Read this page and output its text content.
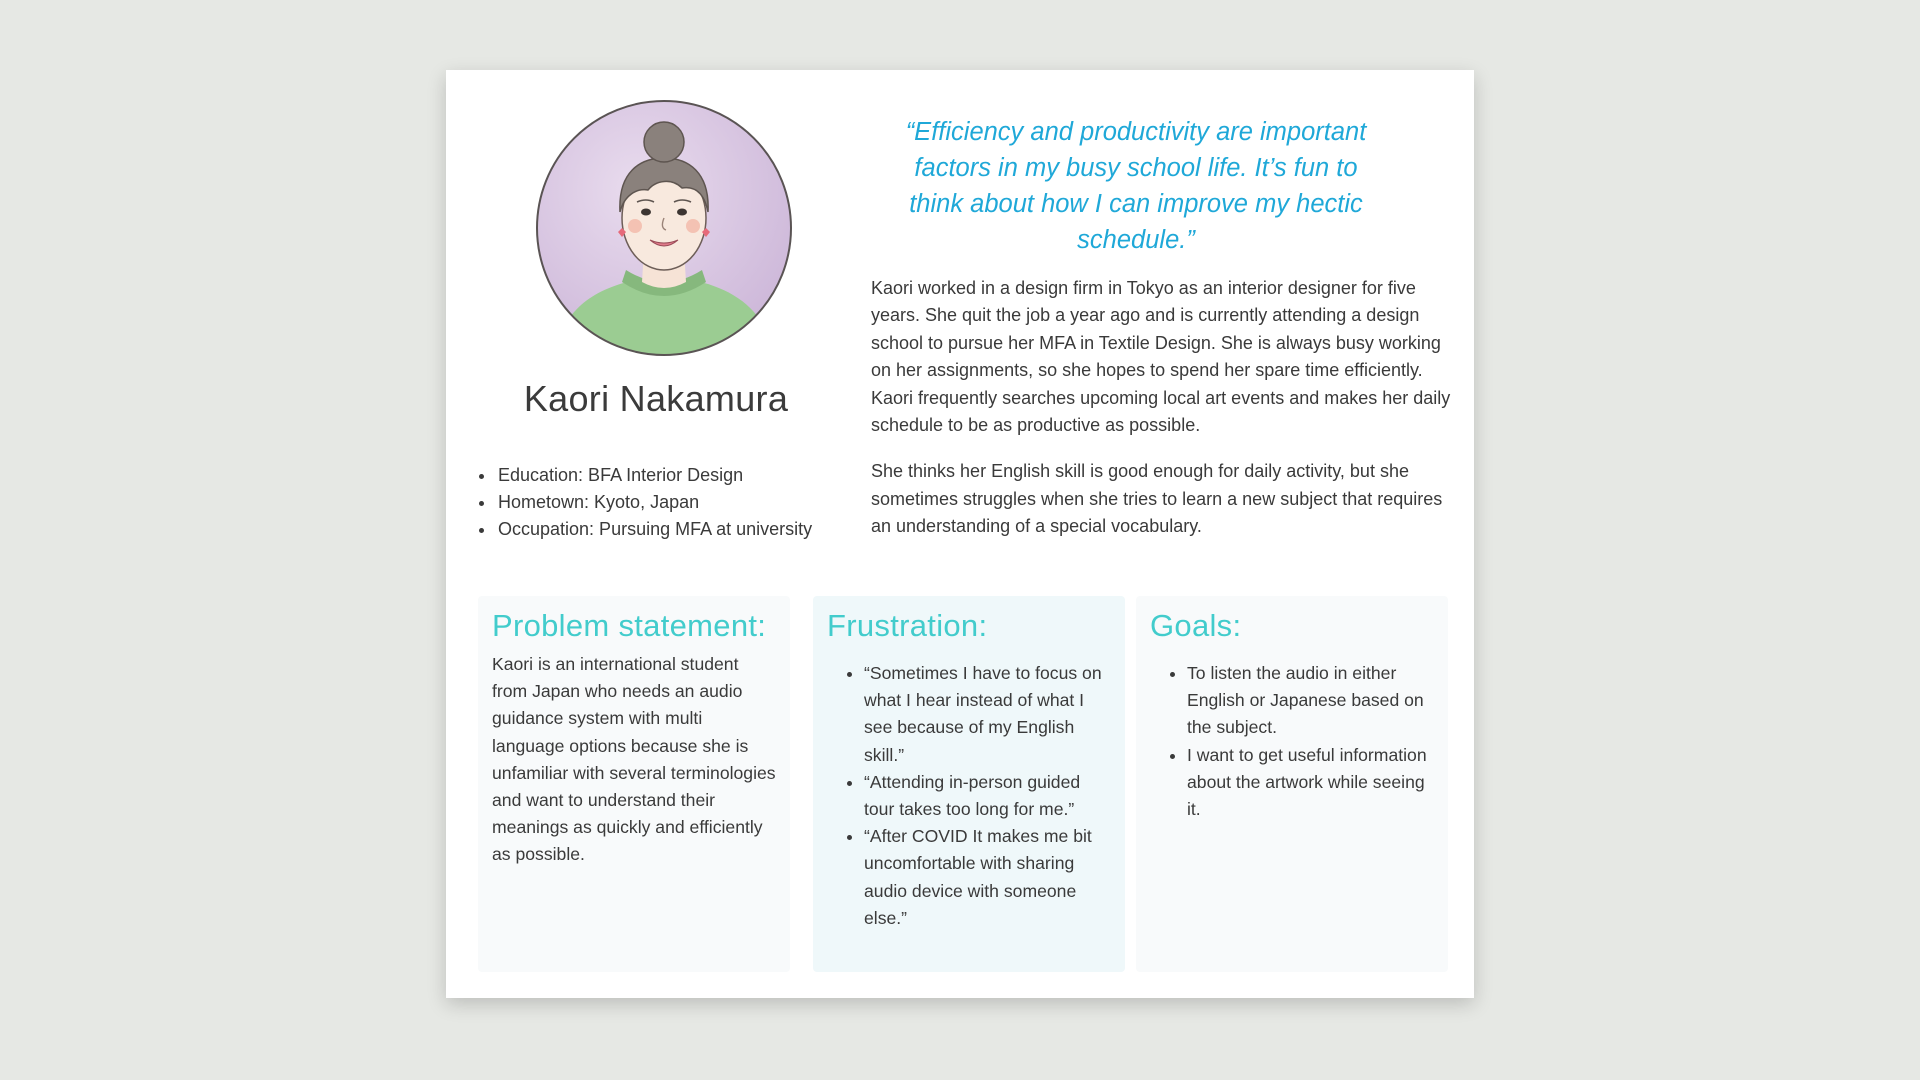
Kaori Nakamura
• Education: BFA Interior Design
• Hometown: Kyoto, Japan
• Occupation: Pursuing MFA at university
“Efficiency and productivity are important factors in my busy school life. It’s fun to think about how I can improve my hectic schedule.”

Kaori worked in a design firm in Tokyo as an interior designer for five years. She quit the job a year ago and is currently attending a design school to pursue her MFA in Textile Design. She is always busy working on her assignments, so she hopes to spend her spare time efficiently. Kaori frequently searches upcoming local art events and makes her daily schedule to be as productive as possible.

She thinks her English skill is good enough for daily activity, but she sometimes struggles when she tries to learn a new subject that requires an understanding of a special vocabulary.

Problem statement:

Kaori is an international student from Japan who needs an audio guidance system with multi language options because she is unfamiliar with several terminologies and want to understand their meanings as quickly and efficiently as possible.

Frustration:
• “Sometimes I have to focus on what I hear instead of what I see because of my English skill.”
• “Attending in-person guided tour takes too long for me.”
• “After COVID It makes me bit uncomfortable with sharing audio device with someone else.”
Goals:
• To listen the audio in either English or Japanese based on the subject.
• I want to get useful information about the artwork while seeing it.
